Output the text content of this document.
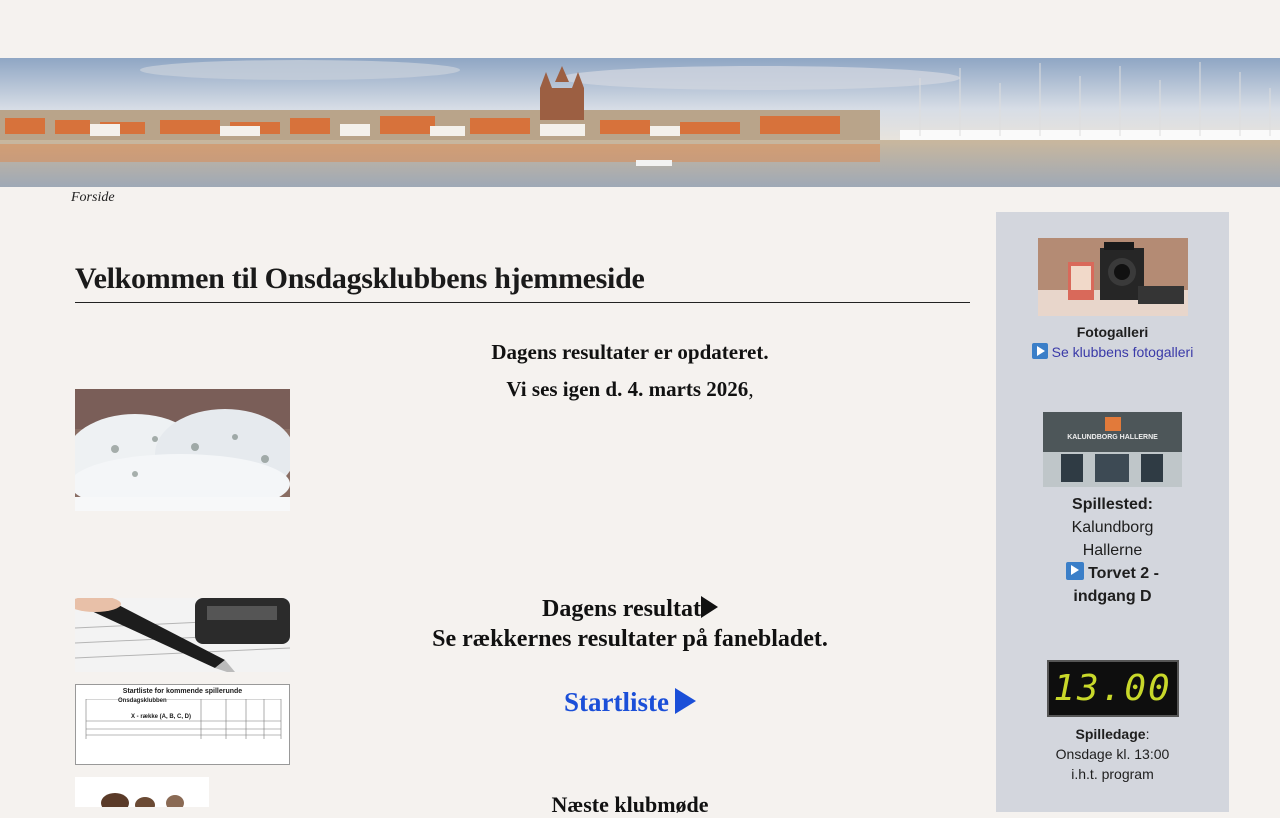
Forside
Velkommen til Onsdagsklubbens hjemmeside
Dagens resultater er opdateret.
Vi ses igen d. 4. marts 2026,
Startliste for kommende spillerunde
Onsdagsklubben
X - række (A, B, C, D)
Dagens resultat
Se rækkernes resultater på fanebladet.
Startliste
Næste klubmøde
Fotogalleri
Se klubbens fotogalleri
KALUNDBORG HALLERNE
Spillested:
Kalundborg
Hallerne
Torvet 2 -
indgang D
13.00
Spilledage:
Onsdage kl. 13:00
i.h.t. program
